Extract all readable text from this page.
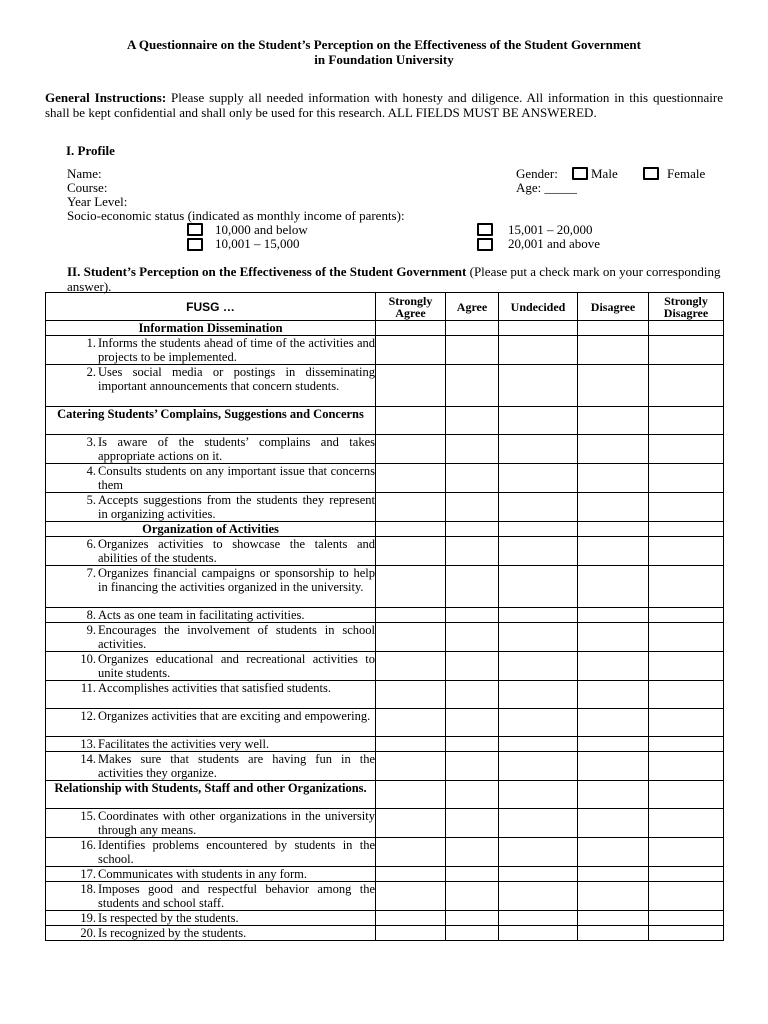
A Questionnaire on the Student’s Perception on the Effectiveness of the Student Government
in Foundation University
General Instructions: Please supply all needed information with honesty and diligence. All information in this questionnaire shall be kept confidential and shall only be used for this research. ALL FIELDS MUST BE ANSWERED.
I. Profile
Name:
Course:
Year Level:
Socio-economic status (indicated as monthly income of parents):
Gender:	Male	Female
Age: _____
10,000 and below
10,001 – 15,000
15,001 – 20,000
20,001 and above
II. Student’s Perception on the Effectiveness of the Student Government (Please put a check mark on your corresponding answer).
FUSG …	Strongly Agree	Agree	Undecided	Disagree	Strongly Disagree
Information Dissemination					

1. Informs the students ahead of time of the activities and projects to be implemented.					

2. Uses social media or postings in disseminating important announcements that concern students.					

Catering Students’ Complains, Suggestions and Concerns					

3. Is aware of the students’ complains and takes appropriate actions on it.					

4. Consults students on any important issue that concerns them					

5. Accepts suggestions from the students they represent in organizing activities.					

Organization of Activities					

6. Organizes activities to showcase the talents and abilities of the students.					

7. Organizes financial campaigns or sponsorship to help in financing the activities organized in the university.					

8. Acts as one team in facilitating activities.					

9. Encourages the involvement of students in school activities.					

10. Organizes educational and recreational activities to unite students.					

11. Accomplishes activities that satisfied students.					

12. Organizes activities that are exciting and empowering.					

13. Facilitates the activities very well.					

14. Makes sure that students are having fun in the activities they organize.					

Relationship with Students, Staff and other Organizations.					

15. Coordinates with other organizations in the university through any means.					

16. Identifies problems encountered by students in the school.					

17. Communicates with students in any form.					

18. Imposes good and respectful behavior among the students and school staff.					

19. Is respected by the students.					

20. Is recognized by the students.					
